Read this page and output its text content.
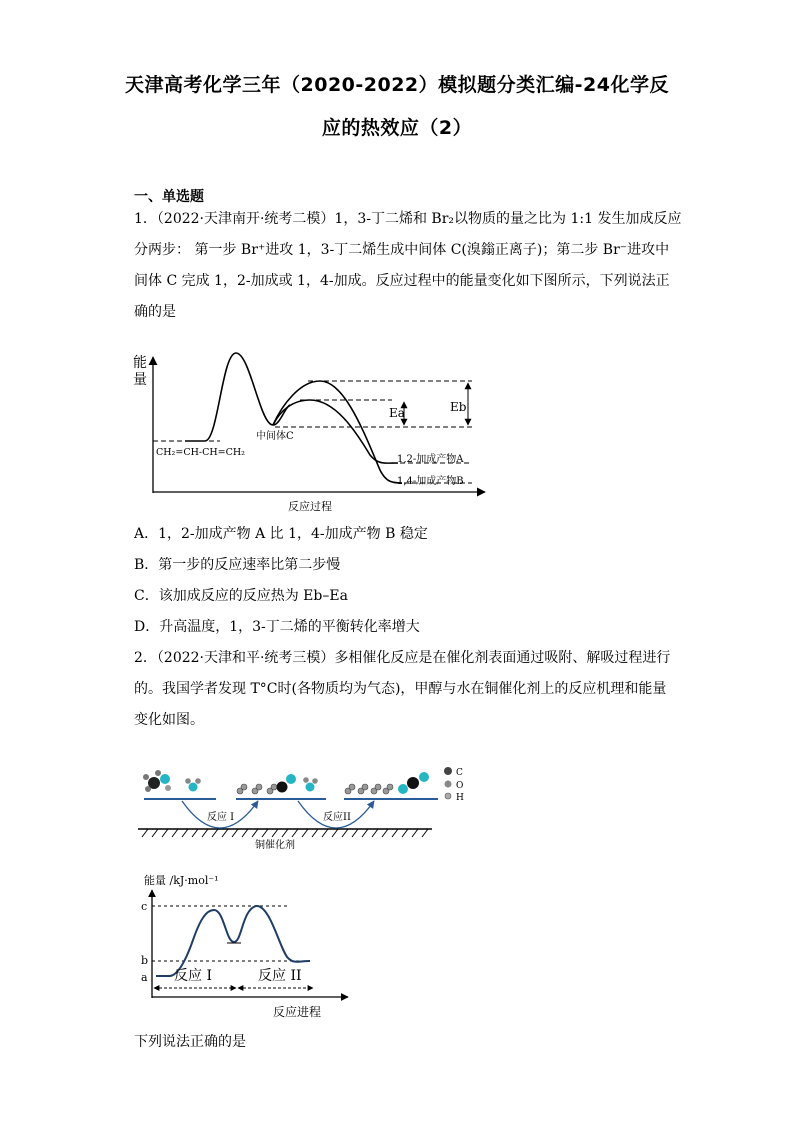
天津高考化学三年（2020-2022）模拟题分类汇编-24化学反
应的热效应（2）
一、单选题
1．（2022·天津南开·统考二模）1，3-丁二烯和 Br₂以物质的量之比为 1:1 发生加成反应
分两步： 第一步 Br⁺进攻 1，3-丁二烯生成中间体 C(溴鎓正离子)；第二步 Br⁻进攻中
间体 C 完成 1，2-加成或 1，4-加成。反应过程中的能量变化如下图所示，下列说法正
确的是
能 量
Ea	Eb
CH₂=CH-CH=CH₂
中间体C
1,2-加成产物A
1,4-加成产物B
反应过程
A．1，2-加成产物 A 比 1，4-加成产物 B 稳定
B．第一步的反应速率比第二步慢
C．该加成反应的反应热为 Eb–Ea
D．升高温度，1，3-丁二烯的平衡转化率增大
2．（2022·天津和平·统考三模）多相催化反应是在催化剂表面通过吸附、解吸过程进行
的。我国学者发现 T°C时(各物质均为气态)，甲醇与水在铜催化剂上的反应机理和能量
变化如图。
反应 I	反应II
铜催化剂
C
O
H
能量 /kJ·mol⁻¹
c
b
a 反应 I	反应 II
反应进程
下列说法正确的是
